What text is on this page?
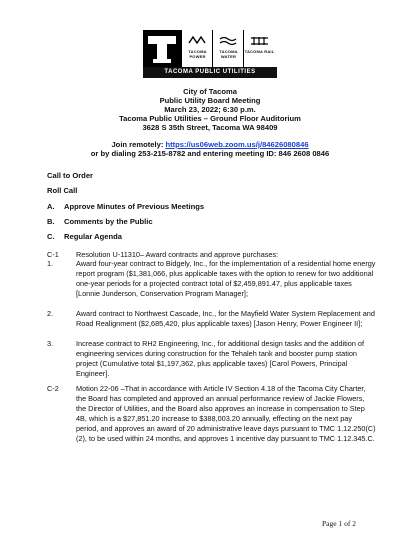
TACOMA POWER
TACOMA WATER
TACOMA RAIL
TACOMA PUBLIC UTILITIES
City of Tacoma
Public Utility Board Meeting
March 23, 2022; 6:30 p.m.
Tacoma Public Utilities – Ground Floor Auditorium
3628 S 35th Street, Tacoma WA 98409
Join remotely: https://us06web.zoom.us/j/84626080846
or by dialing 253-215-8782 and entering meeting ID: 846 2608 0846
Call to Order
Roll Call
A. Approve Minutes of Previous Meetings
B. Comments by the Public
C. Regular Agenda
C-1 Resolution U-11310– Award contracts and approve purchases:
1.	Award four-year contract to Bidgely, Inc., for the implementation of a residential home energy report program ($1,381,066, plus applicable taxes with the option to renew for two additional one-year periods for a projected contract total of $2,459,891.47, plus applicable taxes [Lonnie Junderson, Conservation Program Manager];
2.	Award contract to Northwest Cascade, Inc., for the Mayfield Water System Replacement and Road Realignment ($2,685,420, plus applicable taxes) [Jason Henry, Power Engineer II];
3.	Increase contract to RH2 Engineering, Inc., for additional design tasks and the addition of engineering services during construction for the Tehaleh tank and booster pump station project (Cumulative total $1,197,362, plus applicable taxes) [Carol Powers, Principal Engineer].
C-2 Motion 22-06 –That in accordance with Article IV Section 4.18 of the Tacoma City Charter, the Board has completed and approved an annual performance review of Jackie Flowers, the Director of Utilities, and the Board also approves an increase in compensation to Step 4B, which is a $27,851.20 increase to $388,003.20 annually, effecting on the next pay period, and approves an award of 20 administrative leave days pursuant to TMC 1.12.250(C)(2), to be used within 24 months, and approves 1 incentive day pursuant to TMC 1.12.345.C.
Page 1 of 2
